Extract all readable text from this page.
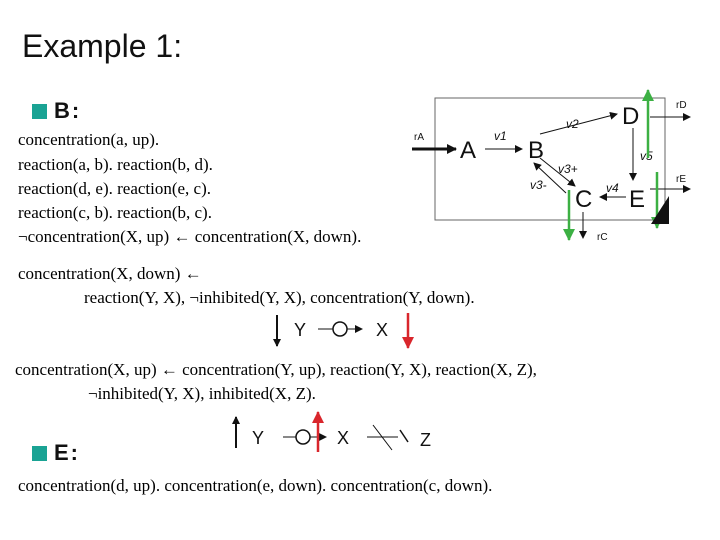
Example 1:
B:
concentration(a, up).
reaction(a, b). reaction(b, d).
reaction(d, e). reaction(e, c).
reaction(c, b). reaction(b, c).
¬concentration(X, up) ← concentration(X, down).
concentration(X, down) ←
reaction(Y, X), ¬inhibited(Y, X), concentration(Y, down).
concentration(X, up) ← concentration(Y, up), reaction(Y, X), reaction(X, Z),
¬inhibited(Y, X), inhibited(X, Z).
E:
concentration(d, up). concentration(e, down). concentration(c, down).
rA A B
D
C E
v1
v2
v5
v4
v3+
v3-
rD
rE
rC
Y	X
Y	X	Z
